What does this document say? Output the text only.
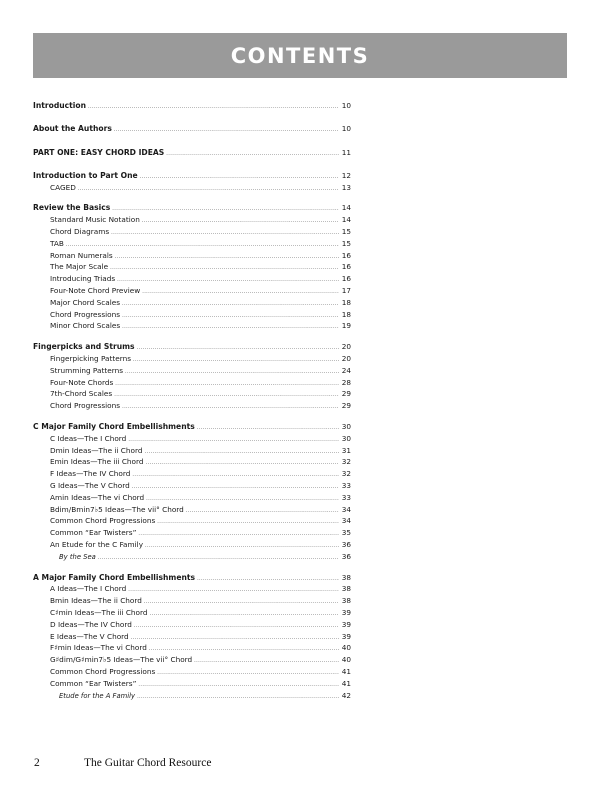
CONTENTS
Introduction .....	10
About the Authors .....	10
PART ONE: EASY CHORD IDEAS .....	11
Introduction to Part One .....	12
CAGED .....	13
Review the Basics .....	14
Standard Music Notation .....	14
Chord Diagrams .....	15
TAB .....	15
Roman Numerals .....	16
The Major Scale .....	16
Introducing Triads .....	16
Four-Note Chord Preview .....	17
Major Chord Scales .....	18
Chord Progressions .....	18
Minor Chord Scales .....	19
Fingerpicks and Strums .....	20
Fingerpicking Patterns .....	20
Strumming Patterns .....	24
Four-Note Chords .....	28
7th-Chord Scales .....	29
Chord Progressions .....	29
C Major Family Chord Embellishments .....	30
C Ideas—The I Chord .....	30
Dmin Ideas—The ii Chord .....	31
Emin Ideas—The iii Chord .....	32
F Ideas—The IV Chord .....	32
G Ideas—The V Chord .....	33
Amin Ideas—The vi Chord .....	33
Bdim/Bmin7♭5 Ideas—The vii° Chord .....	34
Common Chord Progressions .....	34
Common “Ear Twisters” .....	35
An Etude for the C Family .....	36
By the Sea .....	36
A Major Family Chord Embellishments .....	38
A Ideas—The I Chord .....	38
Bmin Ideas—The ii Chord .....	38
C♯min Ideas—The iii Chord .....	39
D Ideas—The IV Chord .....	39
E Ideas—The V Chord .....	39
F♯min Ideas—The vi Chord .....	40
G♯dim/G♯min7♭5 Ideas—The vii° Chord .....	40
Common Chord Progressions .....	41
Common “Ear Twisters” .....	41
Etude for the A Family .....	42
2	The Guitar Chord Resource
